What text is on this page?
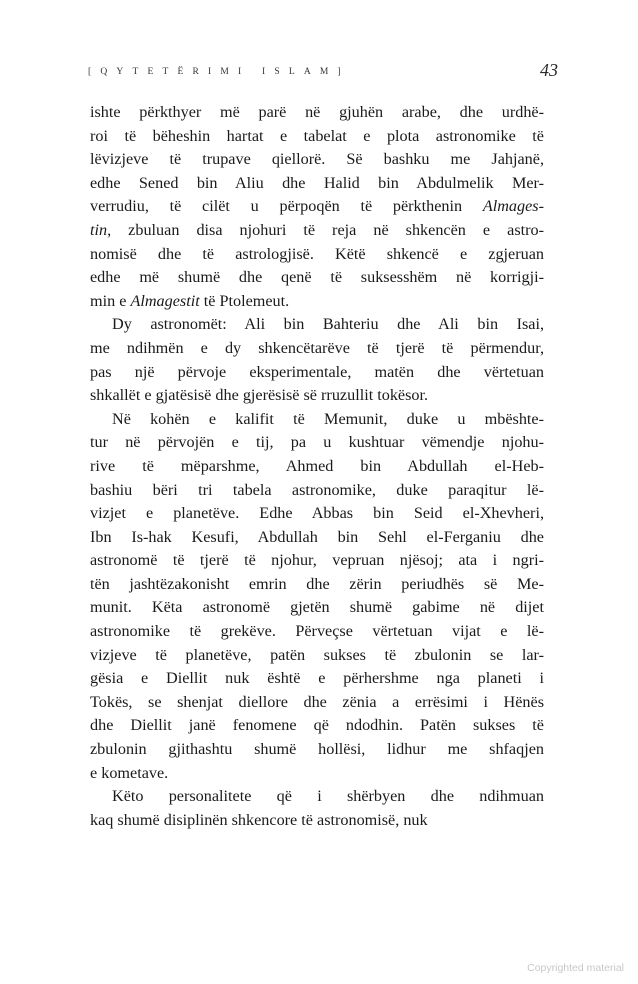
[QYTETËRIMI ISLAM]	43
ishte përkthyer më parë në gjuhën arabe, dhe urdhë-
roi të bëheshin hartat e tabelat e plota astronomike të
lëvizjeve të trupave qiellorë. Së bashku me Jahjanë,
edhe Sened bin Aliu dhe Halid bin Abdulmelik Mer-
verrudiu, të cilët u përpoqën të përkthenin Almages-
tin, zbuluan disa njohuri të reja në shkencën e astro-
nomisë dhe të astrologjisë. Këtë shkencë e zgjeruan
edhe më shumë dhe qenë të suksesshëm në korrigji-
min e Almagestit të Ptolemeut.
Dy astronomët: Ali bin Bahteriu dhe Ali bin Isai,
me ndihmën e dy shkencëtarëve të tjerë të përmendur,
pas një përvoje eksperimentale, matën dhe vërtetuan
shkallët e gjatësisë dhe gjerësisë së rruzullit tokësor.
Në kohën e kalifit të Memunit, duke u mbështe-
tur në përvojën e tij, pa u kushtuar vëmendje njohu-
rive të mëparshme, Ahmed bin Abdullah el-Heb-
bashiu bëri tri tabela astronomike, duke paraqitur lë-
vizjet e planetëve. Edhe Abbas bin Seid el-Xhevheri,
Ibn Is-hak Kesufi, Abdullah bin Sehl el-Ferganiu dhe
astronomë të tjerë të njohur, vepruan njësoj; ata i ngri-
tën jashtëzakonisht emrin dhe zërin periudhës së Me-
munit. Këta astronomë gjetën shumë gabime në dijet
astronomike të grekëve. Përveçse vërtetuan vijat e lë-
vizjeve të planetëve, patën sukses të zbulonin se lar-
gësia e Diellit nuk është e përhershme nga planeti i
Tokës, se shenjat diellore dhe zënia a errësimi i Hënës
dhe Diellit janë fenomene që ndodhin. Patën sukses të
zbulonin gjithashtu shumë hollësi, lidhur me shfaqjen
e kometave.
Këto personalitete që i shërbyen dhe ndihmuan
kaq shumë disiplinën shkencore të astronomisë, nuk
Copyrighted material
